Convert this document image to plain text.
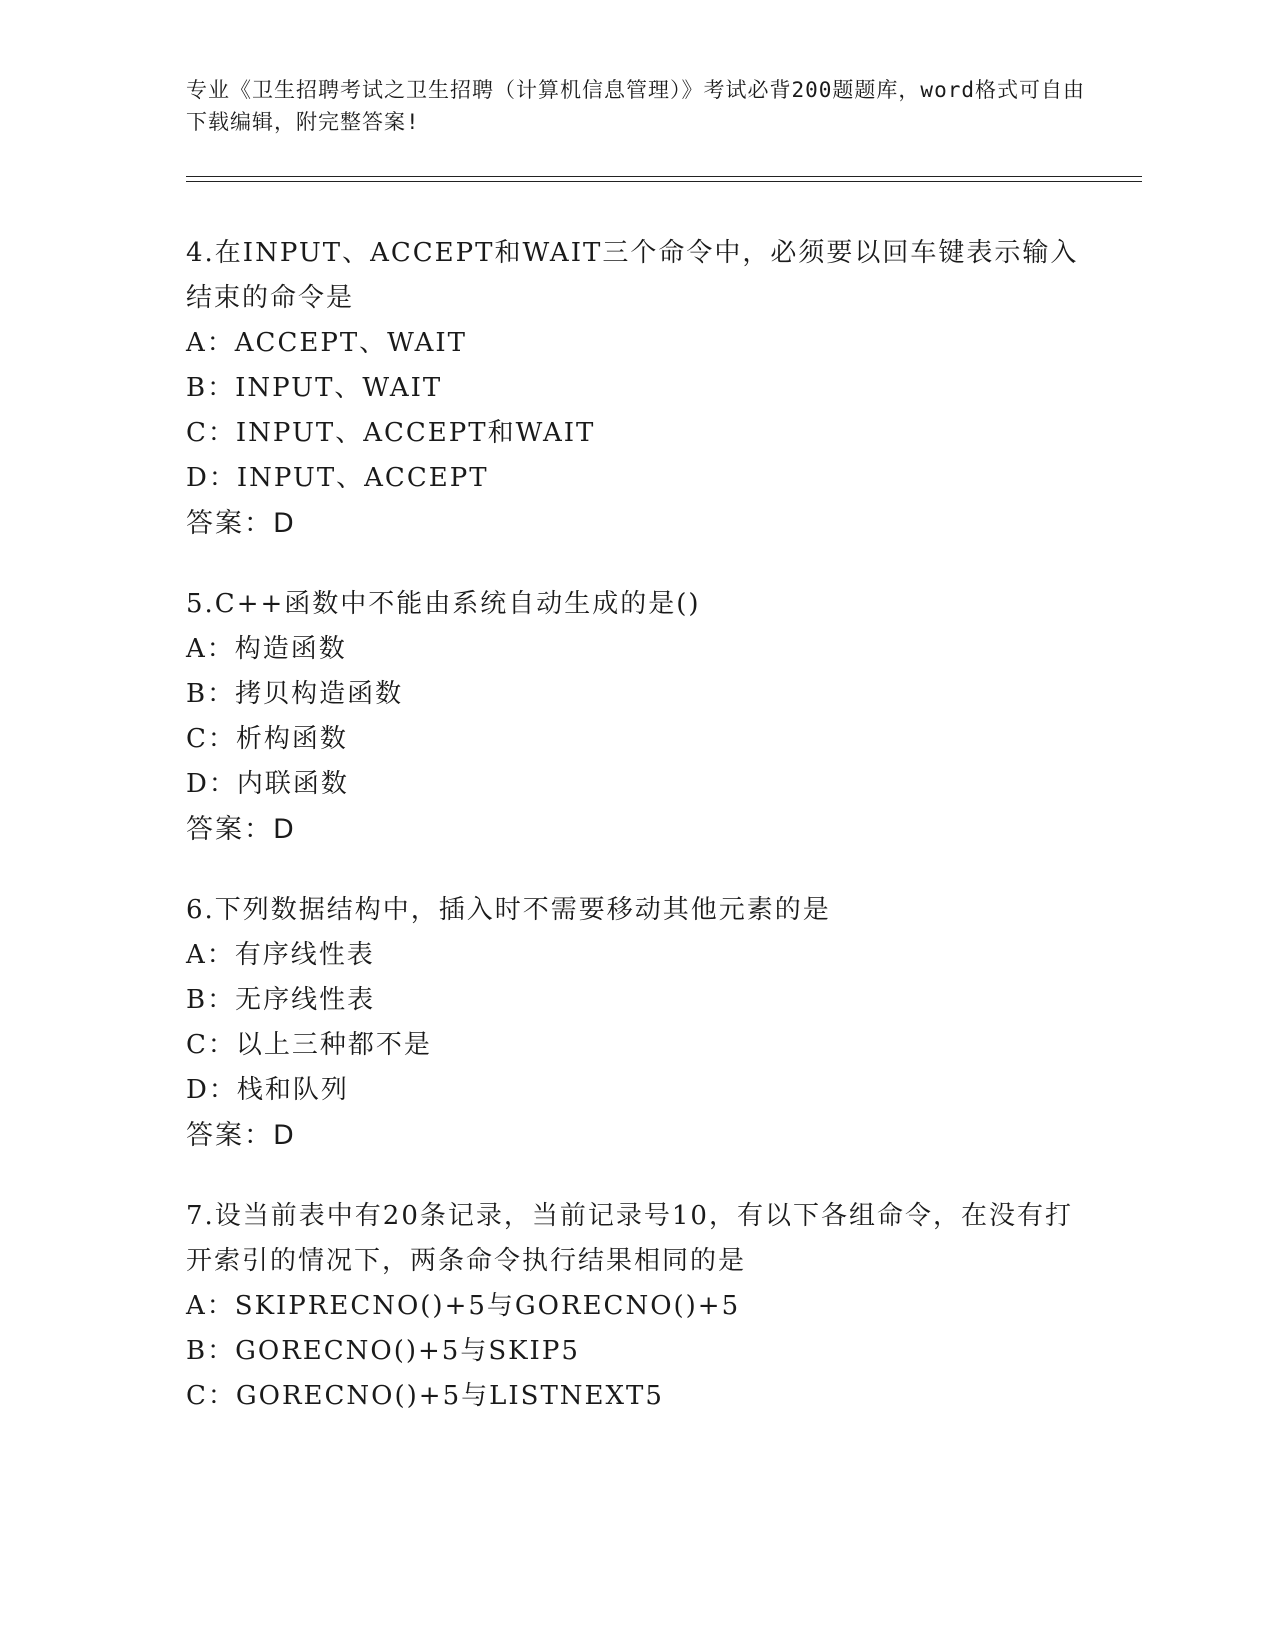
专业《卫生招聘考试之卫生招聘（计算机信息管理）》考试必背200题题库，word格式可自由下载编辑，附完整答案!

4.在INPUT、ACCEPT和WAIT三个命令中，必须要以回车键表示输入结束的命令是

A：ACCEPT、WAIT

B：INPUT、WAIT

C：INPUT、ACCEPT和WAIT

D：INPUT、ACCEPT

答案：D

5.C++函数中不能由系统自动生成的是()

A：构造函数

B：拷贝构造函数

C：析构函数

D：内联函数

答案：D

6.下列数据结构中，插入时不需要移动其他元素的是

A：有序线性表

B：无序线性表

C：以上三种都不是

D：栈和队列

答案：D

7.设当前表中有20条记录，当前记录号10，有以下各组命令，在没有打开索引的情况下，两条命令执行结果相同的是

A：SKIPRECNO()+5与GORECNO()+5

B：GORECNO()+5与SKIP5

C：GORECNO()+5与LISTNEXT5
